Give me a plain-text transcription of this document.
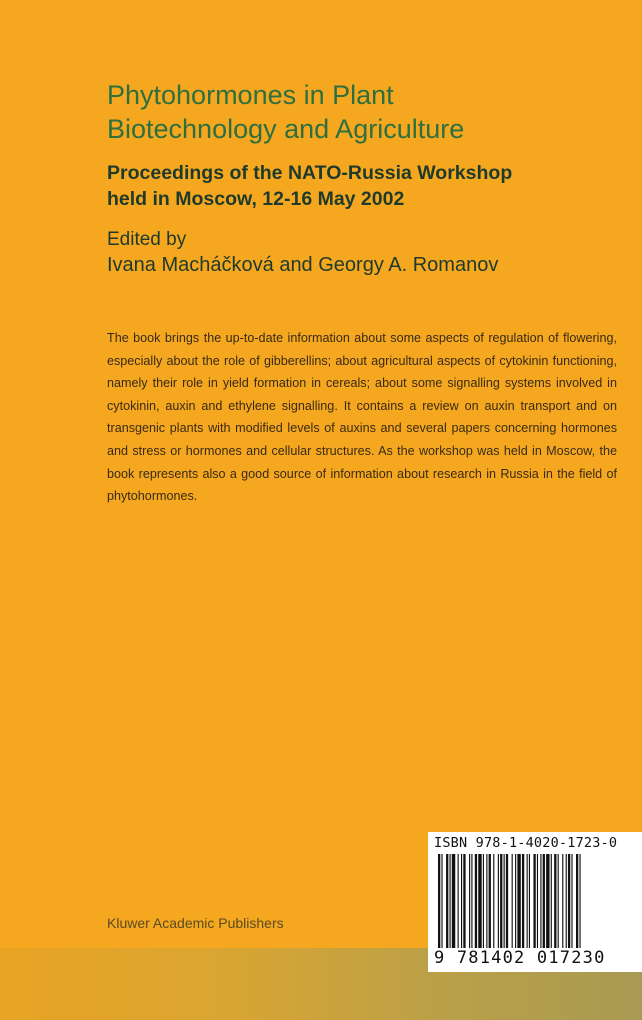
Phytohormones in Plant
Biotechnology and Agriculture
Proceedings of the NATO-Russia Workshop
held in Moscow, 12-16 May 2002
Edited by
Ivana Macháčková and Georgy A. Romanov

The book brings the up-to-date information about some aspects of regulation of flowering, especially about the role of gibberellins; about agricultural aspects of cytokinin functioning, namely their role in yield formation in cereals; about some signalling systems involved in cytokinin, auxin and ethylene signalling. It contains a review on auxin transport and on transgenic plants with modified levels of auxins and several papers concerning hormones and stress or hormones and cellular structures. As the workshop was held in Moscow, the book represents also a good source of information about research in Russia in the field of phytohormones.

Kluwer Academic Publishers
ISBN 978-1-4020-1723-0
9 781402 017230
